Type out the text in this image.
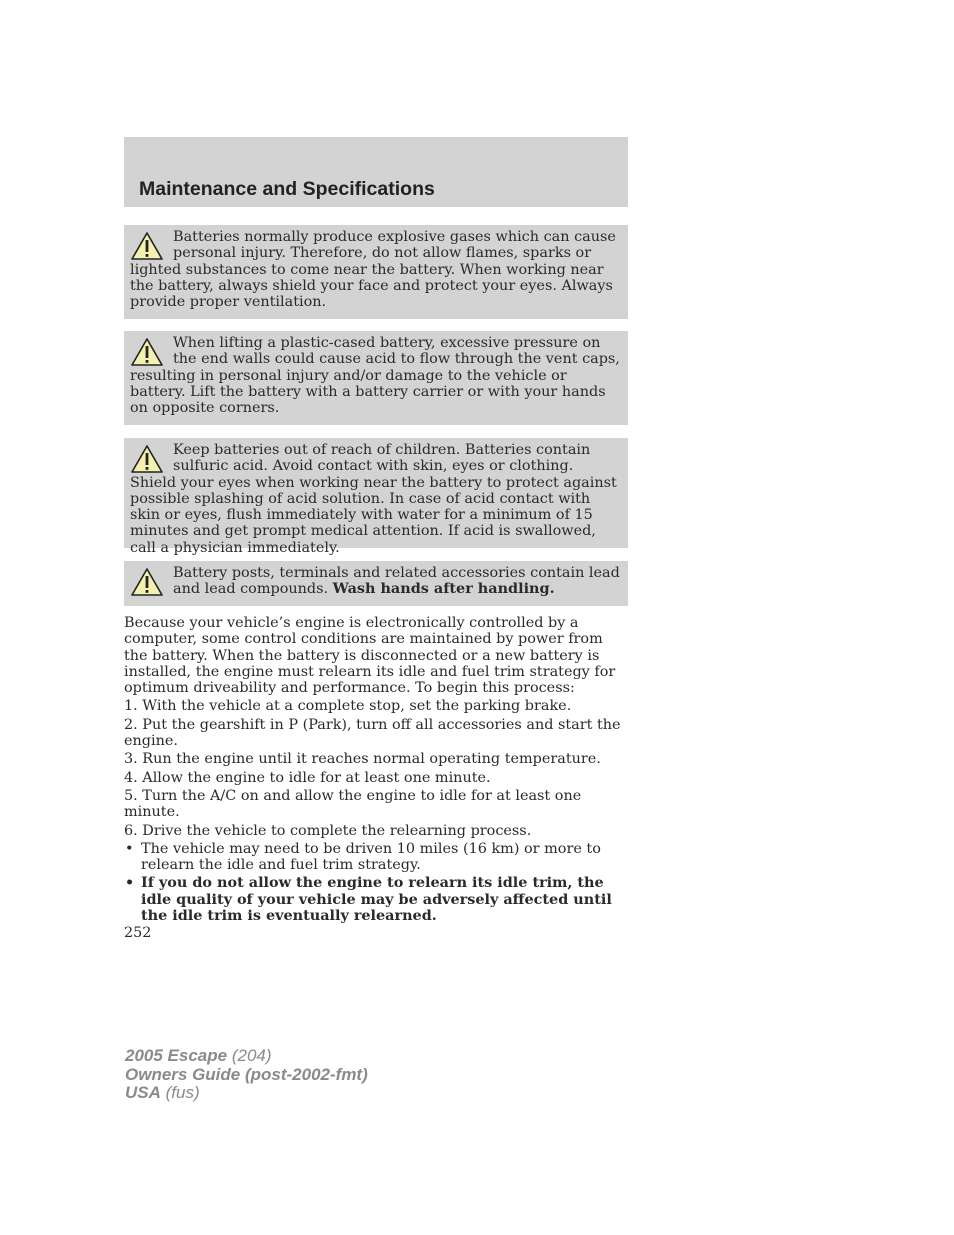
Maintenance and Specifications

Batteries normally produce explosive gases which can cause personal injury. Therefore, do not allow flames, sparks or lighted substances to come near the battery. When working near the battery, always shield your face and protect your eyes. Always provide proper ventilation.

When lifting a plastic-cased battery, excessive pressure on the end walls could cause acid to flow through the vent caps, resulting in personal injury and/or damage to the vehicle or battery. Lift the battery with a battery carrier or with your hands on opposite corners.

Keep batteries out of reach of children. Batteries contain sulfuric acid. Avoid contact with skin, eyes or clothing. Shield your eyes when working near the battery to protect against possible splashing of acid solution. In case of acid contact with skin or eyes, flush immediately with water for a minimum of 15 minutes and get prompt medical attention. If acid is swallowed, call a physician immediately.

Battery posts, terminals and related accessories contain lead and lead compounds. Wash hands after handling.

Because your vehicle’s engine is electronically controlled by a computer, some control conditions are maintained by power from the battery. When the battery is disconnected or a new battery is installed, the engine must relearn its idle and fuel trim strategy for optimum driveability and performance. To begin this process:

1. With the vehicle at a complete stop, set the parking brake.

2. Put the gearshift in P (Park), turn off all accessories and start the engine.

3. Run the engine until it reaches normal operating temperature.

4. Allow the engine to idle for at least one minute.

5. Turn the A/C on and allow the engine to idle for at least one minute.

6. Drive the vehicle to complete the relearning process.

• The vehicle may need to be driven 10 miles (16 km) or more to relearn the idle and fuel trim strategy.
• If you do not allow the engine to relearn its idle trim, the idle quality of your vehicle may be adversely affected until the idle trim is eventually relearned.
252
2005 Escape (204)
Owners Guide (post-2002-fmt)
USA (fus)
